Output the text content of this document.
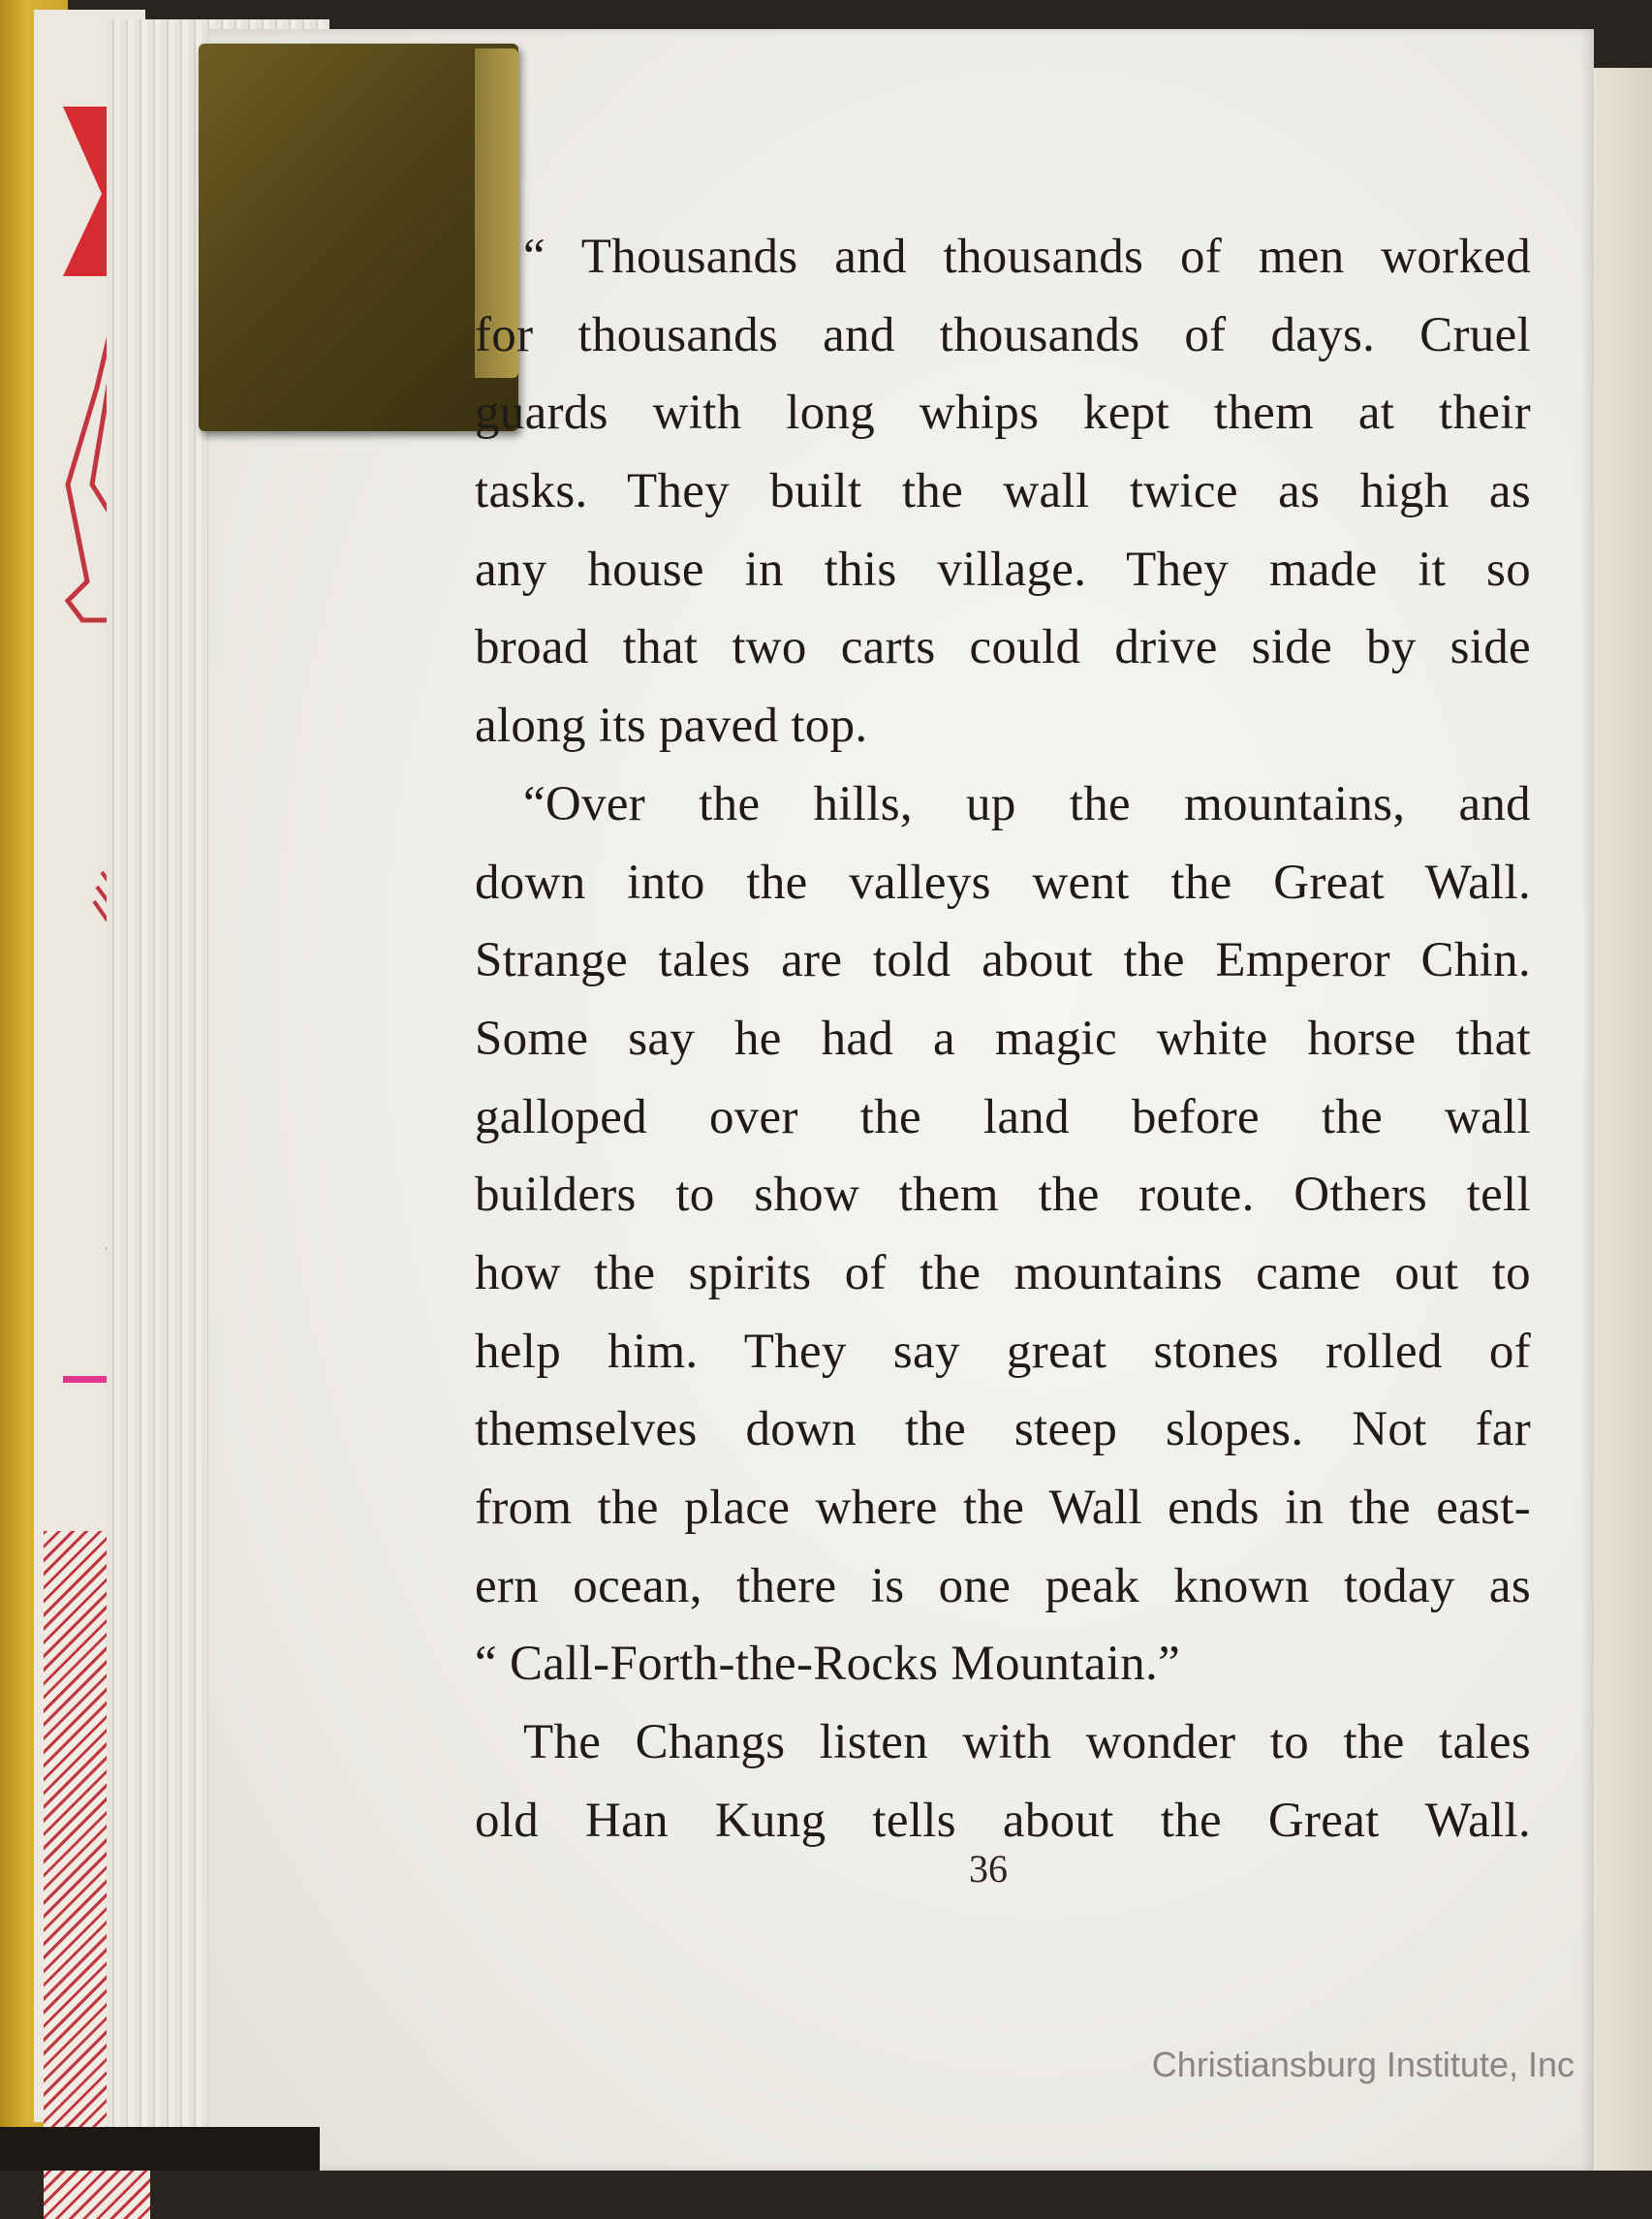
“ Thousands and thousands of men worked
for thousands and thousands of days. Cruel
guards with long whips kept them at their
tasks. They built the wall twice as high as
any house in this village. They made it so
broad that two carts could drive side by side
along its paved top.
“Over the hills, up the mountains, and
down into the valleys went the Great Wall.
Strange tales are told about the Emperor Chin.
Some say he had a magic white horse that
galloped over the land before the wall
builders to show them the route. Others tell
how the spirits of the mountains came out to
help him. They say great stones rolled of
themselves down the steep slopes. Not far
from the place where the Wall ends in the east-
ern ocean, there is one peak known today as
“ Call-Forth-the-Rocks Mountain.”
The Changs listen with wonder to the tales
old Han Kung tells about the Great Wall.
36
Christiansburg Institute, Inc
